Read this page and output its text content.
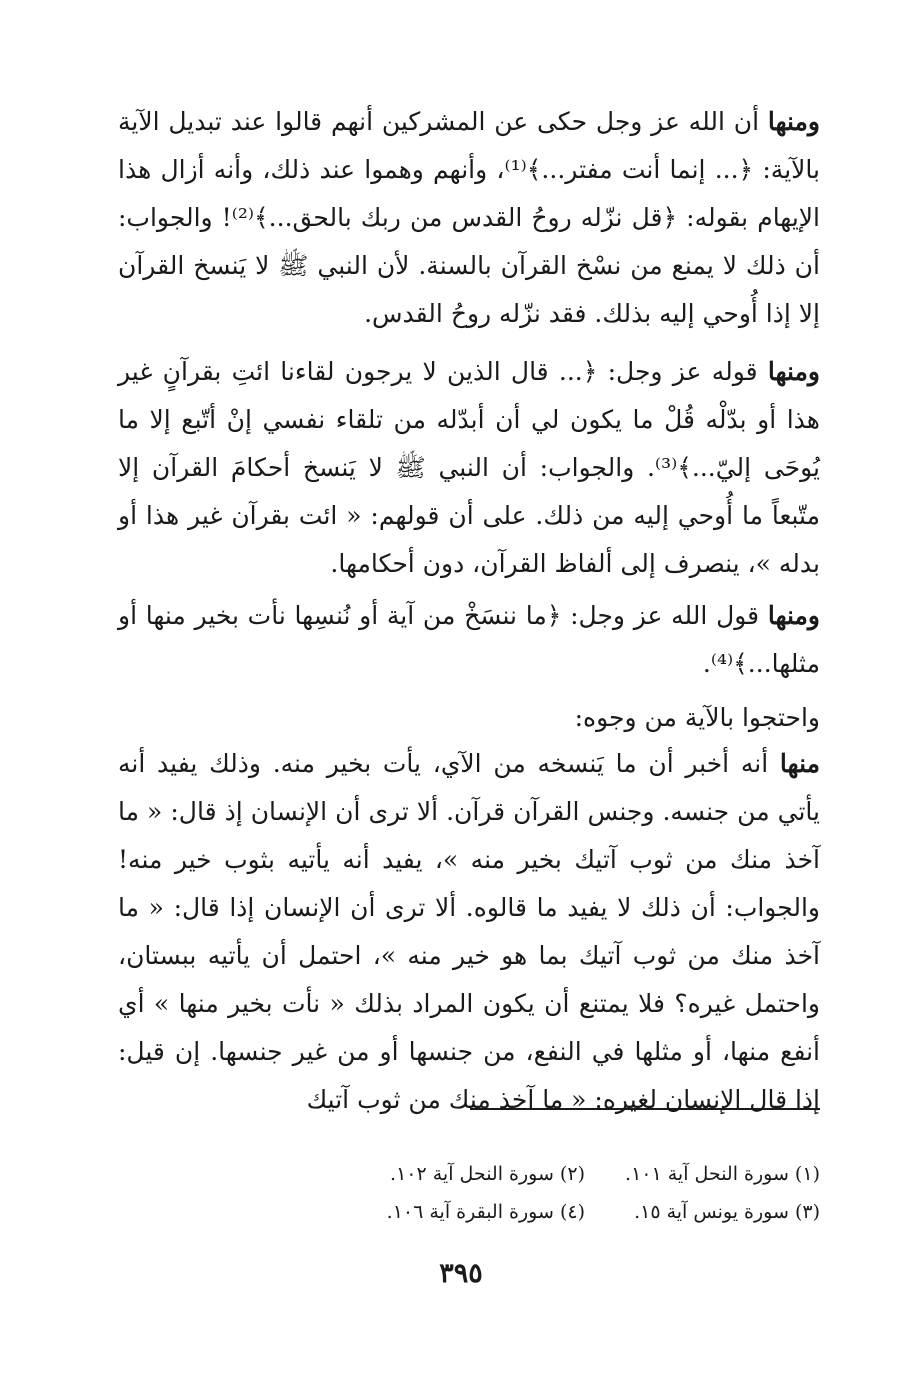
ومنها أن الله عز وجل حكى عن المشركين أنهم قالوا عند تبديل الآية بالآية: ﴿... إنما أنت مفتر...﴾⁽¹⁾، وأنهم وهموا عند ذلك، وأنه أزال هذا الإيهام بقوله: ﴿قل نزّله روحُ القدس من ربك بالحق...﴾⁽²⁾! والجواب: أن ذلك لا يمنع من نسْخ القرآن بالسنة. لأن النبي ﷺ لا يَنسخ القرآن إلا إذا أُوحي إليه بذلك. فقد نزّله روحُ القدس.

ومنها قوله عز وجل: ﴿... قال الذين لا يرجون لقاءنا ائتِ بقرآنٍ غير هذا أو بدّلْه قُلْ ما يكون لي أن أبدّله من تلقاء نفسي إنْ أتّبع إلا ما يُوحَى إليّ...﴾⁽³⁾. والجواب: أن النبي ﷺ لا يَنسخ أحكامَ القرآن إلا متّبعاً ما أُوحي إليه من ذلك. على أن قولهم: « ائت بقرآن غير هذا أو بدله »، ينصرف إلى ألفاظ القرآن، دون أحكامها.

ومنها قول الله عز وجل: ﴿ما ننسَخْ من آية أو نُنسِها نأت بخير منها أو مثلها...﴾⁽⁴⁾.

واحتجوا بالآية من وجوه:

منها أنه أخبر أن ما يَنسخه من الآي، يأت بخير منه. وذلك يفيد أنه يأتي من جنسه. وجنس القرآن قرآن. ألا ترى أن الإنسان إذ قال: « ما آخذ منك من ثوب آتيك بخير منه »، يفيد أنه يأتيه بثوب خير منه! والجواب: أن ذلك لا يفيد ما قالوه. ألا ترى أن الإنسان إذا قال: « ما آخذ منك من ثوب آتيك بما هو خير منه »، احتمل أن يأتيه ببستان، واحتمل غيره؟ فلا يمتنع أن يكون المراد بذلك « نأت بخير منها » أي أنفع منها، أو مثلها في النفع، من جنسها أو من غير جنسها. إن قيل: إذا قال الإنسان لغيره: « ما آخذ منك من ثوب آتيك

(١) سورة النحل آية ١٠١.
(٢) سورة النحل آية ١٠٢.
(٣) سورة يونس آية ١٥.
(٤) سورة البقرة آية ١٠٦.
٣٩٥
